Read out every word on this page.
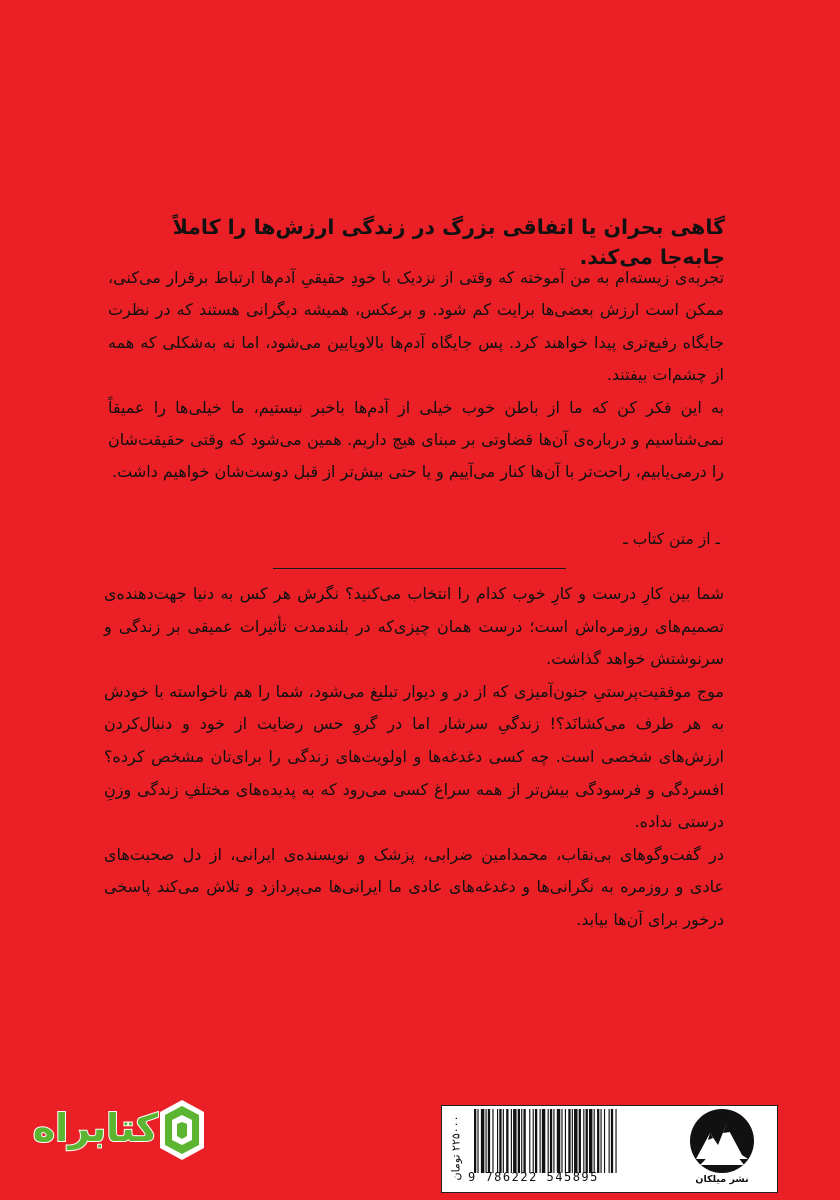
گاهی بحران یا اتفاقی بزرگ در زندگی ارزش‌ها را کاملاً جابه‌جا می‌کند.

تجربه‌ی زیسته‌ام به من آموخته که وقتی از نزدیک با خودِ حقیقیِ آدم‌ها ارتباط برقرار می‌کنی، ممکن است ارزش بعضی‌ها برایت کم شود. و برعکس، همیشه دیگرانی هستند که در نظرت جایگاه رفیع‌تری پیدا خواهند کرد. پس جایگاه آدم‌ها بالاوپایین می‌شود، اما نه به‌شکلی که همه از چشم‌ات بیفتند.

به این فکر کن که ما از باطن خوب خیلی از آدم‌ها باخبر نیستیم، ما خیلی‌ها را عمیقاً نمی‌شناسیم و درباره‌ی آن‌ها قضاوتی بر مبنای هیچ داریم. همین می‌شود که وقتی حقیقت‌شان را درمی‌یابیم، راحت‌تر با آن‌ها کنار می‌آییم و یا حتی بیش‌تر از قبل دوست‌شان خواهیم داشت.

ـ از متن کتاب ـ

شما بین کارِ درست و کارِ خوب کدام را انتخاب می‌کنید؟ نگرش هر کس به دنیا جهت‌دهنده‌ی تصمیم‌های روزمره‌اش است؛ درست همان چیزی‌که در بلندمدت تأثیرات عمیقی بر زندگی و سرنوشتش خواهد گذاشت.

موج موفقیت‌پرستیِ جنون‌آمیزی که از در و دیوار تبلیغ می‌شود، شما را هم ناخواسته با خودش به هر طرف می‌کشانَد؟! زندگیِ سرشار اما در گروِ حس رضایت از خود و دنبال‌کردن ارزش‌های شخصی است. چه کسی دغدغه‌ها و اولویت‌های زندگی را برای‌تان مشخص کرده؟ افسردگی و فرسودگی بیش‌تر از همه سراغ کسی می‌رود که به پدیده‌های مختلفِ زندگی وزنِ درستی نداده.

در گفت‌وگوهای بی‌نقاب، محمدامین ضرابی، پزشک و نویسنده‌ی ایرانی، از دل صحبت‌های عادی و روزمره به نگرانی‌ها و دغدغه‌های عادی ما ایرانی‌ها می‌پردازد و تلاش می‌کند پاسخی درخور برای آن‌ها بیابد.

کتابراه
۲۲۵۰۰۰ تومان
9 786222 545895	نشر میلکان
